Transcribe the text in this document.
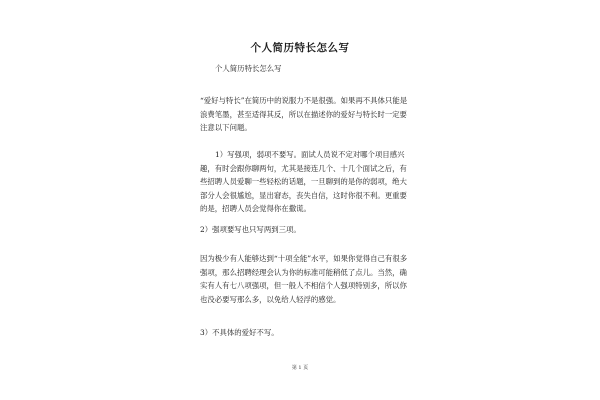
个人简历特长怎么写

个人简历特长怎么写

“爱好与特长”在简历中的说服力不是很强。如果再不具体只能是浪费笔墨，甚至适得其反，所以在描述你的爱好与特长时一定要注意以下问题。

1）写强项，弱项不要写。面试人员说不定对哪个项目感兴趣，有时会跟你聊两句，尤其是接连几个、十几个面试之后，有些招聘人员爱聊一些轻松的话题，一旦聊到的是你的弱项，绝大部分人会很尴尬，显出窘态，丧失自信，这时你很不利。更重要的是，招聘人员会觉得你在撒谎。

2）强项要写也只写两到三项。

因为极少有人能够达到“十项全能”水平，如果你觉得自己有很多强项，那么招聘经理会认为你的标准可能稍低了点儿。当然，确实有人有七八项强项，但一般人不相信个人强项特别多，所以你也没必要写那么多，以免给人轻浮的感觉。

3）不具体的爱好不写。

第 1 页
